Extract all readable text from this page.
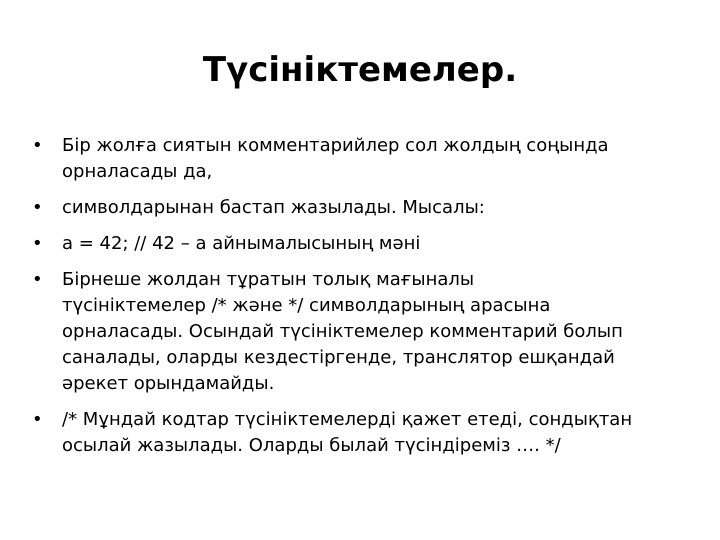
Түсініктемелер.
• Бір жолға сиятын комментарийлер сол жолдың соңында
орналасады да,
• символдарынан бастап жазылады. Мысалы:
• а = 42; // 42 – а айнымалысының мәні
• Бірнеше жолдан тұратын толық мағыналы
түсініктемелер /* және */ символдарының арасына
орналасады. Осындай түсініктемелер комментарий болып
саналады, оларды кездестіргенде, транслятор ешқандай
әрекет орындамайды.
• /* Мұндай кодтар түсініктемелерді қажет етеді, сондықтан
осылай жазылады. Оларды былай түсіндіреміз …. */
